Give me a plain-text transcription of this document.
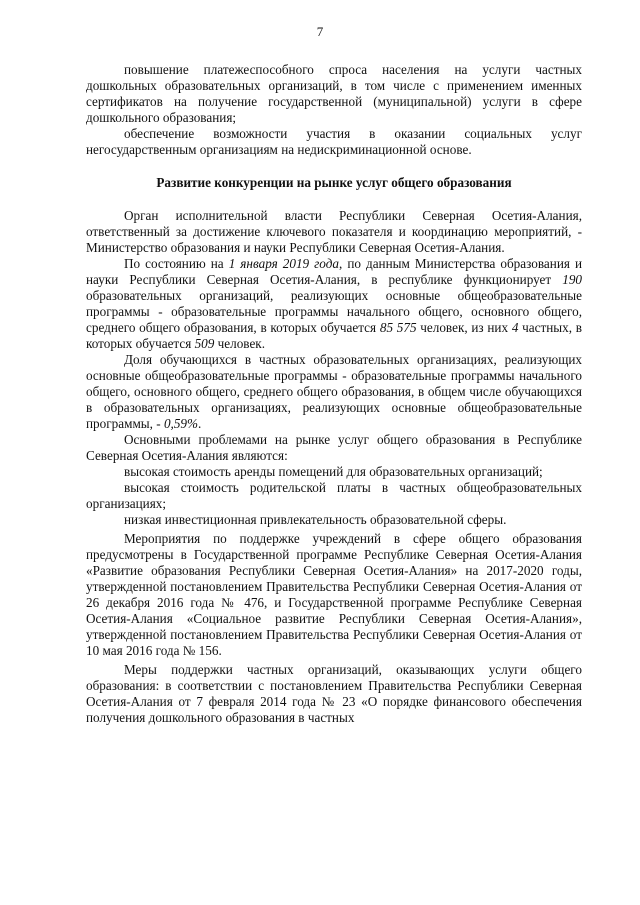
7

повышение платежеспособного спроса населения на услуги частных дошкольных образовательных организаций, в том числе с применением именных сертификатов на получение государственной (муниципальной) услуги в сфере дошкольного образования;

обеспечение возможности участия в оказании социальных услуг негосударственным организациям на недискриминационной основе.

Развитие конкуренции на рынке услуг общего образования

Орган исполнительной власти Республики Северная Осетия-Алания, ответственный за достижение ключевого показателя и координацию мероприятий, - Министерство образования и науки Республики Северная Осетия-Алания.

По состоянию на 1 января 2019 года, по данным Министерства образования и науки Республики Северная Осетия-Алания, в республике функционирует 190 образовательных организаций, реализующих основные общеобразовательные программы - образовательные программы начального общего, основного общего, среднего общего образования, в которых обучается 85 575 человек, из них 4 частных, в которых обучается 509 человек.

Доля обучающихся в частных образовательных организациях, реализующих основные общеобразовательные программы - образовательные программы начального общего, основного общего, среднего общего образования, в общем числе обучающихся в образовательных организациях, реализующих основные общеобразовательные программы, - 0,59%.

Основными проблемами на рынке услуг общего образования в Республике Северная Осетия-Алания являются:

высокая стоимость аренды помещений для образовательных организаций;

высокая стоимость родительской платы в частных общеобразовательных организациях;

низкая инвестиционная привлекательность образовательной сферы.

Мероприятия по поддержке учреждений в сфере общего образования предусмотрены в Государственной программе Республике Северная Осетия-Алания «Развитие образования Республики Северная Осетия-Алания» на 2017-2020 годы, утвержденной постановлением Правительства Республики Северная Осетия-Алания от 26 декабря 2016 года № 476, и Государственной программе Республике Северная Осетия-Алания «Социальное развитие Республики Северная Осетия-Алания», утвержденной постановлением Правительства Республики Северная Осетия-Алания от 10 мая 2016 года № 156.

Меры поддержки частных организаций, оказывающих услуги общего образования: в соответствии с постановлением Правительства Республики Северная Осетия-Алания от 7 февраля 2014 года № 23 «О порядке финансового обеспечения получения дошкольного образования в частных
